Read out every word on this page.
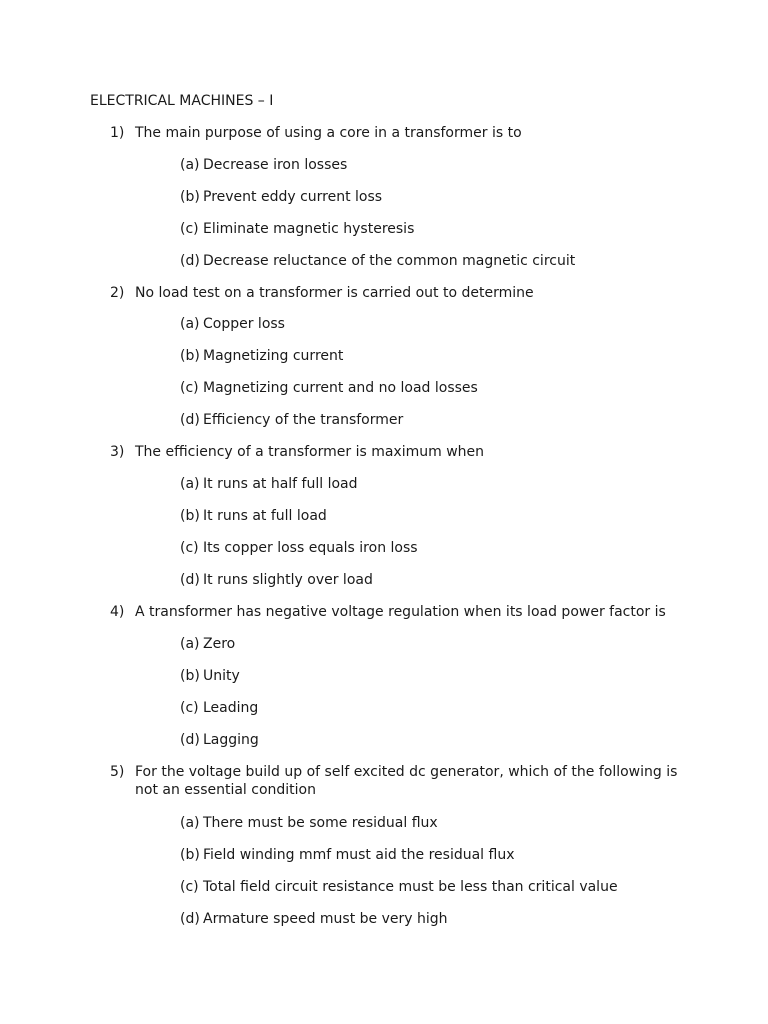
ELECTRICAL MACHINES – I
1) The main purpose of using a core in a transformer is to
(a) Decrease iron losses
(b) Prevent eddy current loss
(c) Eliminate magnetic hysteresis
(d) Decrease reluctance of the common magnetic circuit
2) No load test on a transformer is carried out to determine
(a) Copper loss
(b) Magnetizing current
(c) Magnetizing current and no load losses
(d) Efficiency of the transformer
3) The efficiency of a transformer is maximum when
(a) It runs at half full load
(b) It runs at full load
(c) Its copper loss equals iron loss
(d) It runs slightly over load
4) A transformer has negative voltage regulation when its load power factor is
(a) Zero
(b) Unity
(c) Leading
(d) Lagging
5) For the voltage build up of self excited dc generator, which of the following is not an essential condition
(a) There must be some residual flux
(b) Field winding mmf must aid the residual flux
(c) Total field circuit resistance must be less than critical value
(d) Armature speed must be very high
